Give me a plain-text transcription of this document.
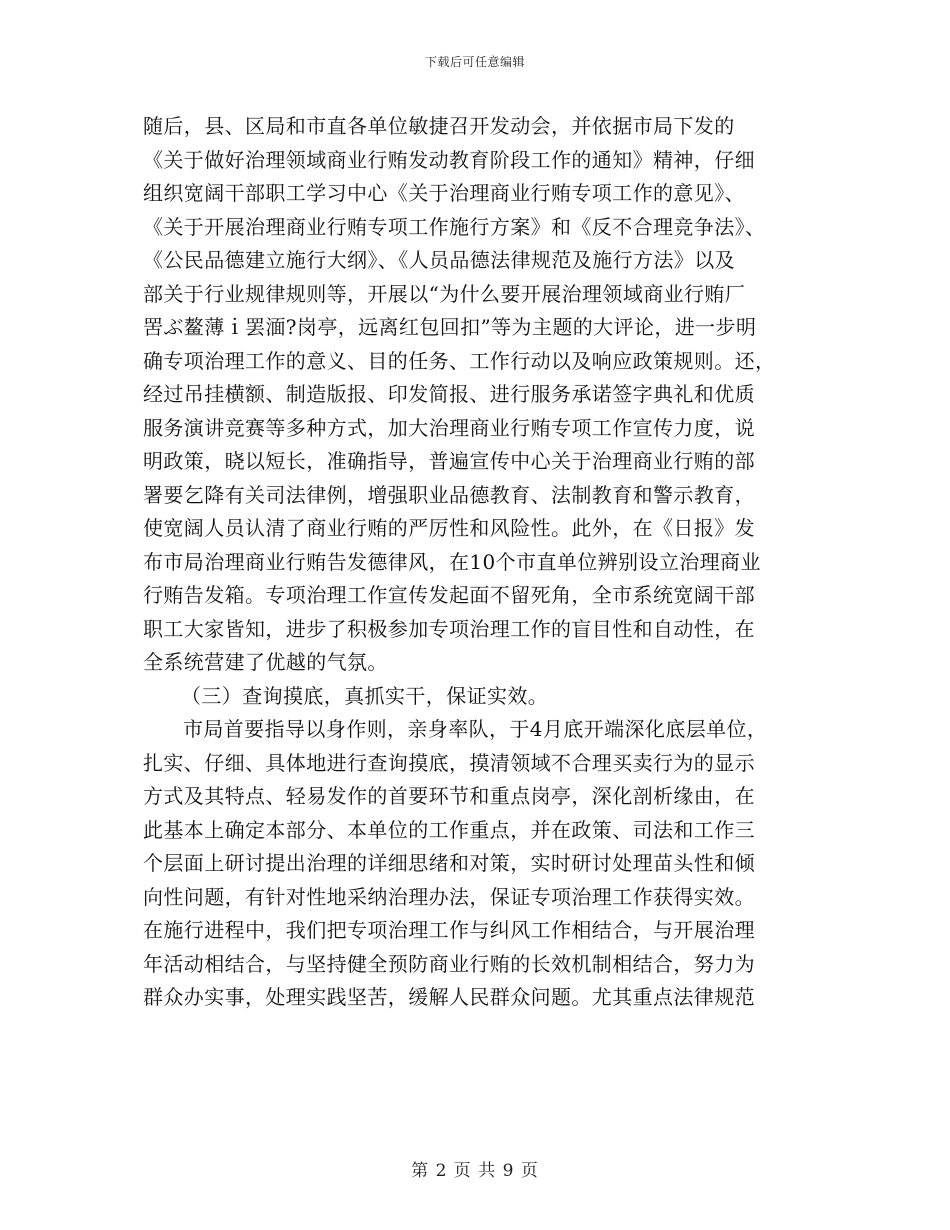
下载后可任意编辑
随后，县、区局和市直各单位敏捷召开发动会，并依据市局下发的
《关于做好治理领域商业行贿发动教育阶段工作的通知》精神，仔细
组织宽阔干部职工学习中心《关于治理商业行贿专项工作的意见》、
《关于开展治理商业行贿专项工作施行方案》和《反不合理竞争法》、
《公民品德建立施行大纲》、《人员品德法律规范及施行方法》以及
部关于行业规律规则等，开展以“为什么要开展治理领域商业行贿厂
罟ぶ鳌薄ｉ罢湎?岗亭，远离红包回扣”等为主题的大评论，进一步明
确专项治理工作的意义、目的任务、工作行动以及响应政策规则。还，
经过吊挂横额、制造版报、印发简报、进行服务承诺签字典礼和优质
服务演讲竞赛等多种方式，加大治理商业行贿专项工作宣传力度，说
明政策，晓以短长，准确指导，普遍宣传中心关于治理商业行贿的部
署要乞降有关司法律例，增强职业品德教育、法制教育和警示教育，
使宽阔人员认清了商业行贿的严厉性和风险性。此外，在《日报》发
布市局治理商业行贿告发德律风，在10个市直单位辨别设立治理商业
行贿告发箱。专项治理工作宣传发起面不留死角，全市系统宽阔干部
职工大家皆知，进步了积极参加专项治理工作的盲目性和自动性，在
全系统营建了优越的气氛。
（三）查询摸底，真抓实干，保证实效。
市局首要指导以身作则，亲身率队，于4月底开端深化底层单位，
扎实、仔细、具体地进行查询摸底，摸清领域不合理买卖行为的显示
方式及其特点、轻易发作的首要环节和重点岗亭，深化剖析缘由，在
此基本上确定本部分、本单位的工作重点，并在政策、司法和工作三
个层面上研讨提出治理的详细思绪和对策，实时研讨处理苗头性和倾
向性问题，有针对性地采纳治理办法，保证专项治理工作获得实效。
在施行进程中，我们把专项治理工作与纠风工作相结合，与开展治理
年活动相结合，与坚持健全预防商业行贿的长效机制相结合，努力为
群众办实事，处理实践坚苦，缓解人民群众问题。尤其重点法律规范
第 2 页 共 9 页
